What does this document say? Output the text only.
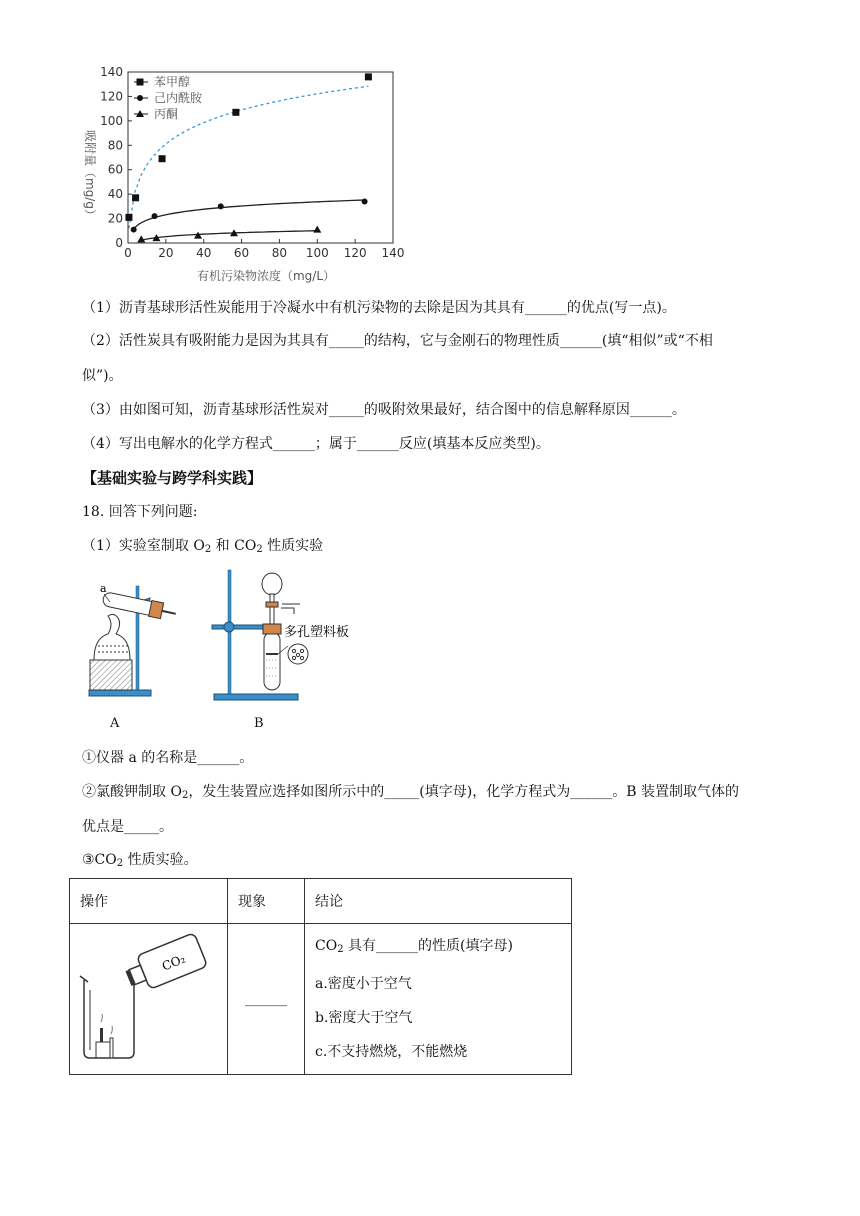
0 20 40 60 80 100 120 140
0
20
40
60
80
100
120
140
苯甲醇
己内酰胺
丙酮
吸附量（mg/g）
有机污染物浓度（mg/L）
（1）沥青基球形活性炭能用于冷凝水中有机污染物的去除是因为其具有______的优点(写一点)。
（2）活性炭具有吸附能力是因为其具有_____的结构，它与金刚石的物理性质______(填“相似”或“不相
似”)。
（3）由如图可知，沥青基球形活性炭对_____的吸附效果最好，结合图中的信息解释原因______。
（4）写出电解水的化学方程式______；属于______反应(填基本反应类型)。
【基础实验与跨学科实践】
18. 回答下列问题:
（1）实验室制取 $O_2$ 和 $CO_2$ 性质实验
a
A
多孔塑料板
B
①仪器 a 的名称是______。
②氯酸钾制取 $O_2$，发生装置应选择如图所示中的_____(填字母)，化学方程式为______。B 装置制取气体的
优点是_____。
$③CO_2$ 性质实验。
操作	现象	结论

CO₂	______	$CO_2$ 具有______的性质(填字母)
a.密度小于空气
b.密度大于空气
c.不支持燃烧，不能燃烧
